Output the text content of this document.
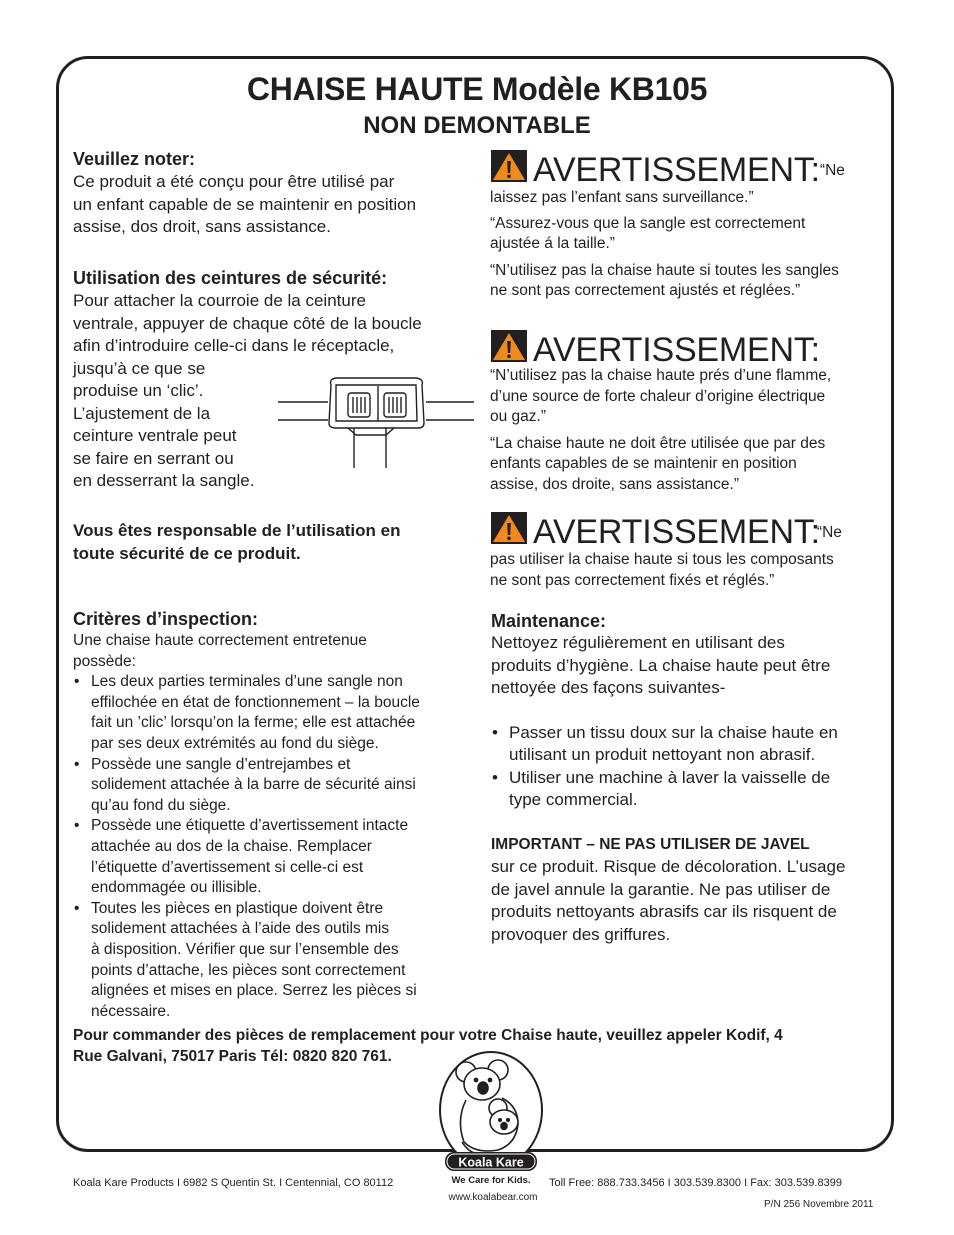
CHAISE HAUTE Modèle KB105
NON DEMONTABLE
Veuillez noter:
Ce produit a été conçu pour être utilisé par
un enfant capable de se maintenir en position
assise, dos droit, sans assistance.
Utilisation des ceintures de sécurité:
Pour attacher la courroie de la ceinture
ventrale, appuyer de chaque côté de la boucle
afin d’introduire celle-ci dans le réceptacle,
jusqu’à ce que se
produise un ‘clic’.
L’ajustement de la
ceinture ventrale peut
se faire en serrant ou
en desserrant la sangle.
Vous êtes responsable de l’utilisation en
toute sécurité de ce produit.
Critères d’inspection:
Une chaise haute correctement entretenue
possède:
• Les deux parties terminales d’une sangle non
effilochée en état de fonctionnement – la boucle
fait un ’clic’ lorsqu’on la ferme; elle est attachée
par ses deux extrémités au fond du siège.
• Possède une sangle d’entrejambes et
solidement attachée à la barre de sécurité ainsi
qu’au fond du siège.
• Possède une étiquette d’avertissement intacte
attachée au dos de la chaise. Remplacer
l’étiquette d’avertissement si celle-ci est
endommagée ou illisible.
• Toutes les pièces en plastique doivent être
solidement attachées à l’aide des outils mis
à disposition. Vérifier que sur l’ensemble des
points d’attache, les pièces sont correctement
alignées et mises en place. Serrez les pièces si
nécessaire.
Pour commander des pièces de remplacement pour votre Chaise haute, veuillez appeler Kodif, 4
Rue Galvani, 75017 Paris Tél: 0820 820 761.
AVERTISSEMENT:“Ne
laissez pas l’enfant sans surveillance.”
“Assurez-vous que la sangle est correctement
ajustée á la taille.”
“N’utilisez pas la chaise haute si toutes les sangles
ne sont pas correctement ajustés et réglées.”
AVERTISSEMENT:
“N’utilisez pas la chaise haute prés d’une flamme,
d’une source de forte chaleur d’origine électrique
ou gaz.”
“La chaise haute ne doit être utilisée que par des
enfants capables de se maintenir en position
assise, dos droite, sans assistance.”
AVERTISSEMENT:“Ne
pas utiliser la chaise haute si tous les composants
ne sont pas correctement fixés et réglés.”
Maintenance:
Nettoyez régulièrement en utilisant des
produits d’hygiène. La chaise haute peut être
nettoyée des façons suivantes-
• Passer un tissu doux sur la chaise haute en
utilisant un produit nettoyant non abrasif.
• Utiliser une machine à laver la vaisselle de
type commercial.
IMPORTANT – NE PAS UTILISER DE JAVEL
sur ce produit. Risque de décoloration. L’usage
de javel annule la garantie. Ne pas utiliser de
produits nettoyants abrasifs car ils risquent de
provoquer des griffures.
Koala Kare
We Care for Kids.
Koala Kare Products I 6982 S Quentin St. I Centennial, CO 80112	Toll Free: 888.733.3456 I 303.539.8300 I Fax: 303.539.8399
www.koalabear.com
P/N 256 Novembre 2011
